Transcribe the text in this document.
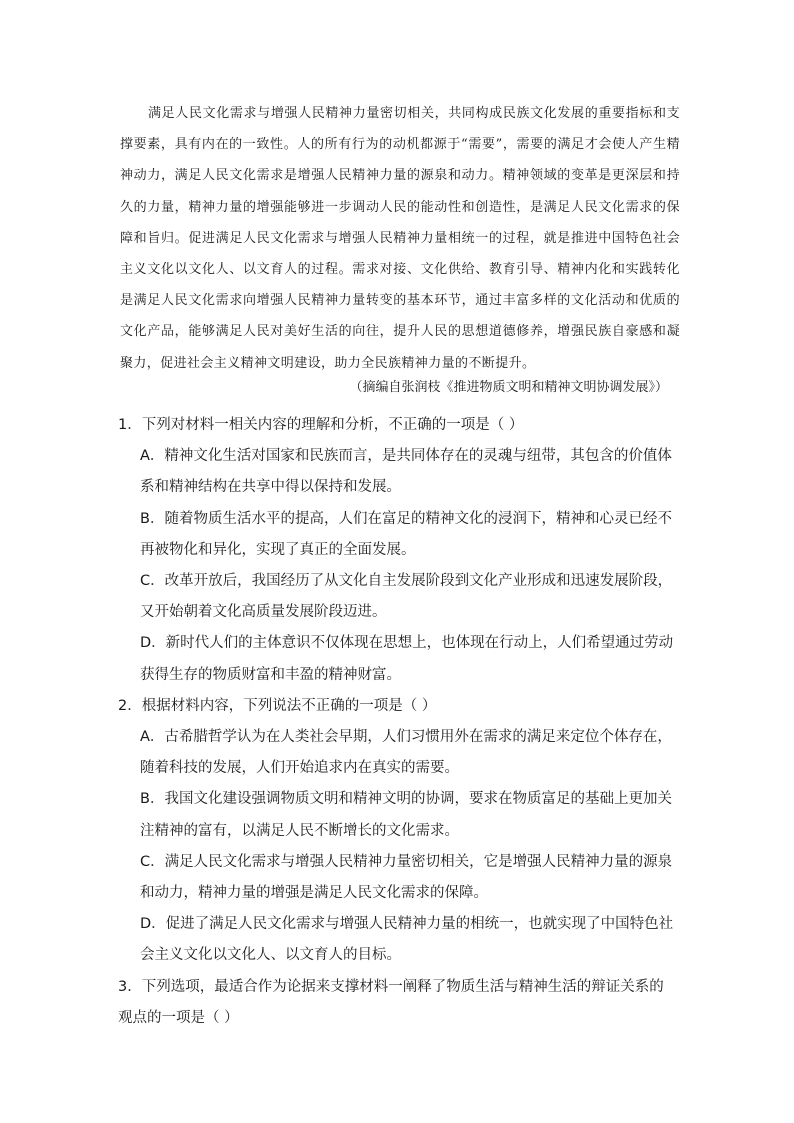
满足人民文化需求与增强人民精神力量密切相关，共同构成民族文化发展的重要指标和支撑要素，具有内在的一致性。人的所有行为的动机都源于“需要”，需要的满足才会使人产生精神动力，满足人民文化需求是增强人民精神力量的源泉和动力。精神领域的变革是更深层和持久的力量，精神力量的增强能够进一步调动人民的能动性和创造性，是满足人民文化需求的保障和旨归。促进满足人民文化需求与增强人民精神力量相统一的过程，就是推进中国特色社会主义文化以文化人、以文育人的过程。需求对接、文化供给、教育引导、精神内化和实践转化是满足人民文化需求向增强人民精神力量转变的基本环节，通过丰富多样的文化活动和优质的文化产品，能够满足人民对美好生活的向往，提升人民的思想道德修养，增强民族自豪感和凝聚力，促进社会主义精神文明建设，助力全民族精神力量的不断提升。

（摘编自张润枝《推进物质文明和精神文明协调发展》）

1．下列对材料一相关内容的理解和分析，不正确的一项是（ ）

A．精神文化生活对国家和民族而言，是共同体存在的灵魂与纽带，其包含的价值体系和精神结构在共享中得以保持和发展。

B．随着物质生活水平的提高，人们在富足的精神文化的浸润下，精神和心灵已经不再被物化和异化，实现了真正的全面发展。

C．改革开放后，我国经历了从文化自主发展阶段到文化产业形成和迅速发展阶段，又开始朝着文化高质量发展阶段迈进。

D．新时代人们的主体意识不仅体现在思想上，也体现在行动上，人们希望通过劳动获得生存的物质财富和丰盈的精神财富。

2．根据材料内容，下列说法不正确的一项是（ ）

A．古希腊哲学认为在人类社会早期，人们习惯用外在需求的满足来定位个体存在，随着科技的发展，人们开始追求内在真实的需要。

B．我国文化建设强调物质文明和精神文明的协调，要求在物质富足的基础上更加关注精神的富有，以满足人民不断增长的文化需求。

C．满足人民文化需求与增强人民精神力量密切相关，它是增强人民精神力量的源泉和动力，精神力量的增强是满足人民文化需求的保障。

D．促进了满足人民文化需求与增强人民精神力量的相统一，也就实现了中国特色社会主义文化以文化人、以文育人的目标。

3．下列选项，最适合作为论据来支撑材料一阐释了物质生活与精神生活的辩证关系的观点的一项是（ ）
